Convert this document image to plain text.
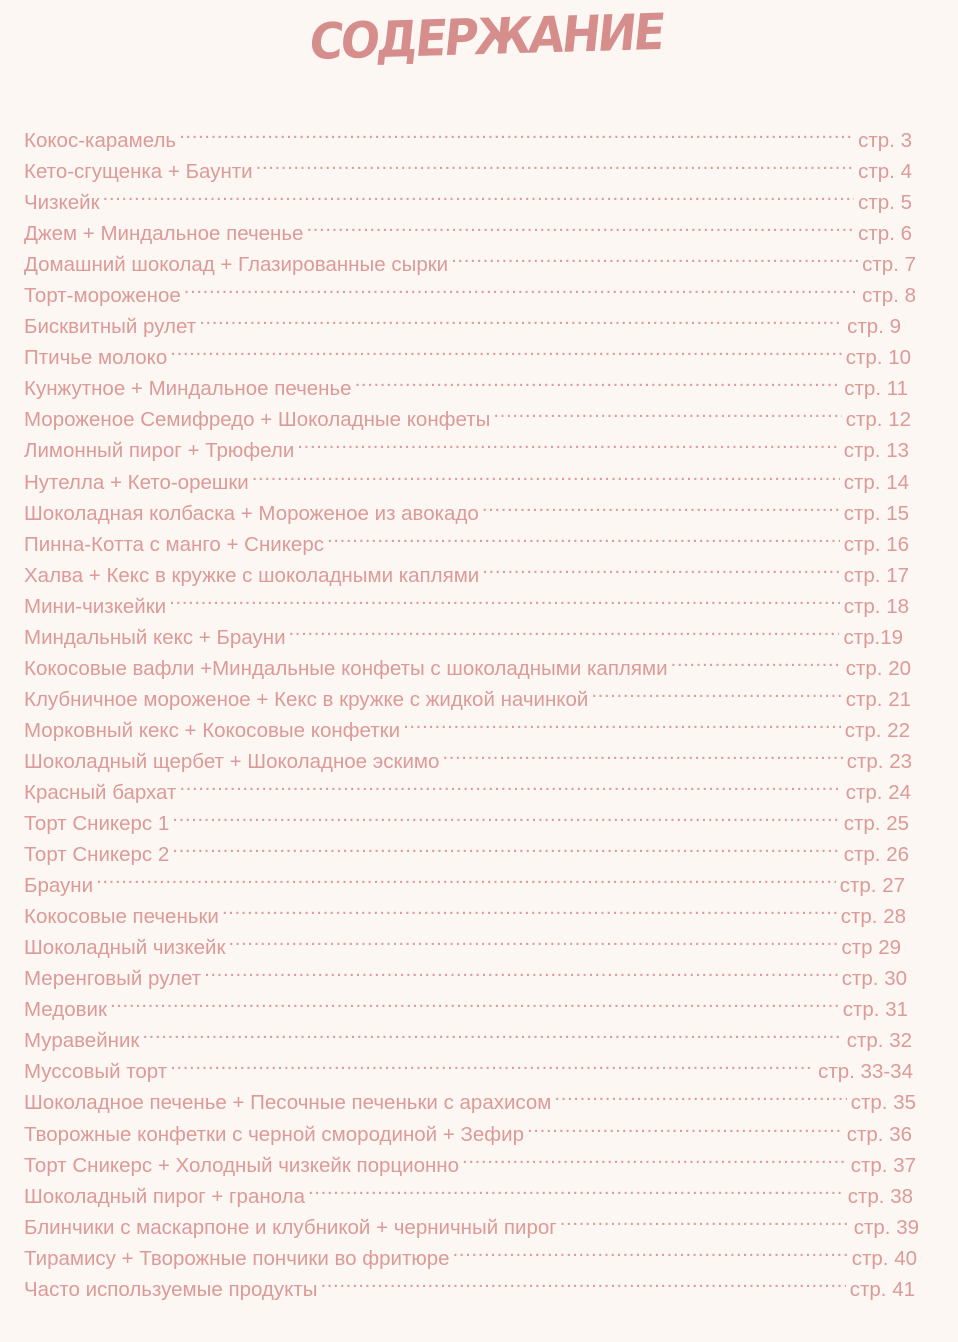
СОДЕРЖАНИЕ
Кокос-карамель .....	стр. 3
Кето-сгущенка + Баунти .....	стр. 4
Чизкейк .....	стр. 5
Джем + Миндальное печенье .....	стр. 6
Домашний шоколад + Глазированные сырки .....	стр. 7
Торт-мороженое .....	стр. 8
Бисквитный рулет .....	стр. 9
Птичье молоко .....	стр. 10
Кунжутное + Миндальное печенье .....	стр. 11
Мороженое Семифредо + Шоколадные конфеты .....	стр. 12
Лимонный пирог + Трюфели .....	стр. 13
Нутелла + Кето-орешки .....	стр. 14
Шоколадная колбаска + Мороженое из авокадо .....	стр. 15
Пинна-Котта с манго + Сникерс .....	стр. 16
Халва + Кекс в кружке с шоколадными каплями .....	стр. 17
Мини-чизкейки .....	стр. 18
Миндальный кекс + Брауни .....	стр.19
Кокосовые вафли +Миндальные конфеты с шоколадными каплями .....	стр. 20
Клубничное мороженое + Кекс в кружке с жидкой начинкой .....	стр. 21
Морковный кекс + Кокосовые конфетки .....	стр. 22
Шоколадный щербет + Шоколадное эскимо .....	стр. 23
Красный бархат .....	стр. 24
Торт Сникерс 1 .....	стр. 25
Торт Сникерс 2 .....	стр. 26
Брауни .....	стр. 27
Кокосовые печеньки .....	стр. 28
Шоколадный чизкейк .....	стр 29
Меренговый рулет .....	стр. 30
Медовик .....	стр. 31
Муравейник .....	стр. 32
Муссовый торт .....	стр. 33-34
Шоколадное печенье + Песочные печеньки с арахисом .....	стр. 35
Творожные конфетки с черной смородиной + Зефир .....	стр. 36
Торт Сникерс + Холодный чизкейк порционно .....	стр. 37
Шоколадный пирог + гранола .....	стр. 38
Блинчики с маскарпоне и клубникой + черничный пирог .....	стр. 39
Тирамису + Творожные пончики во фритюре .....	стр. 40
Часто используемые продукты .....	стр. 41
